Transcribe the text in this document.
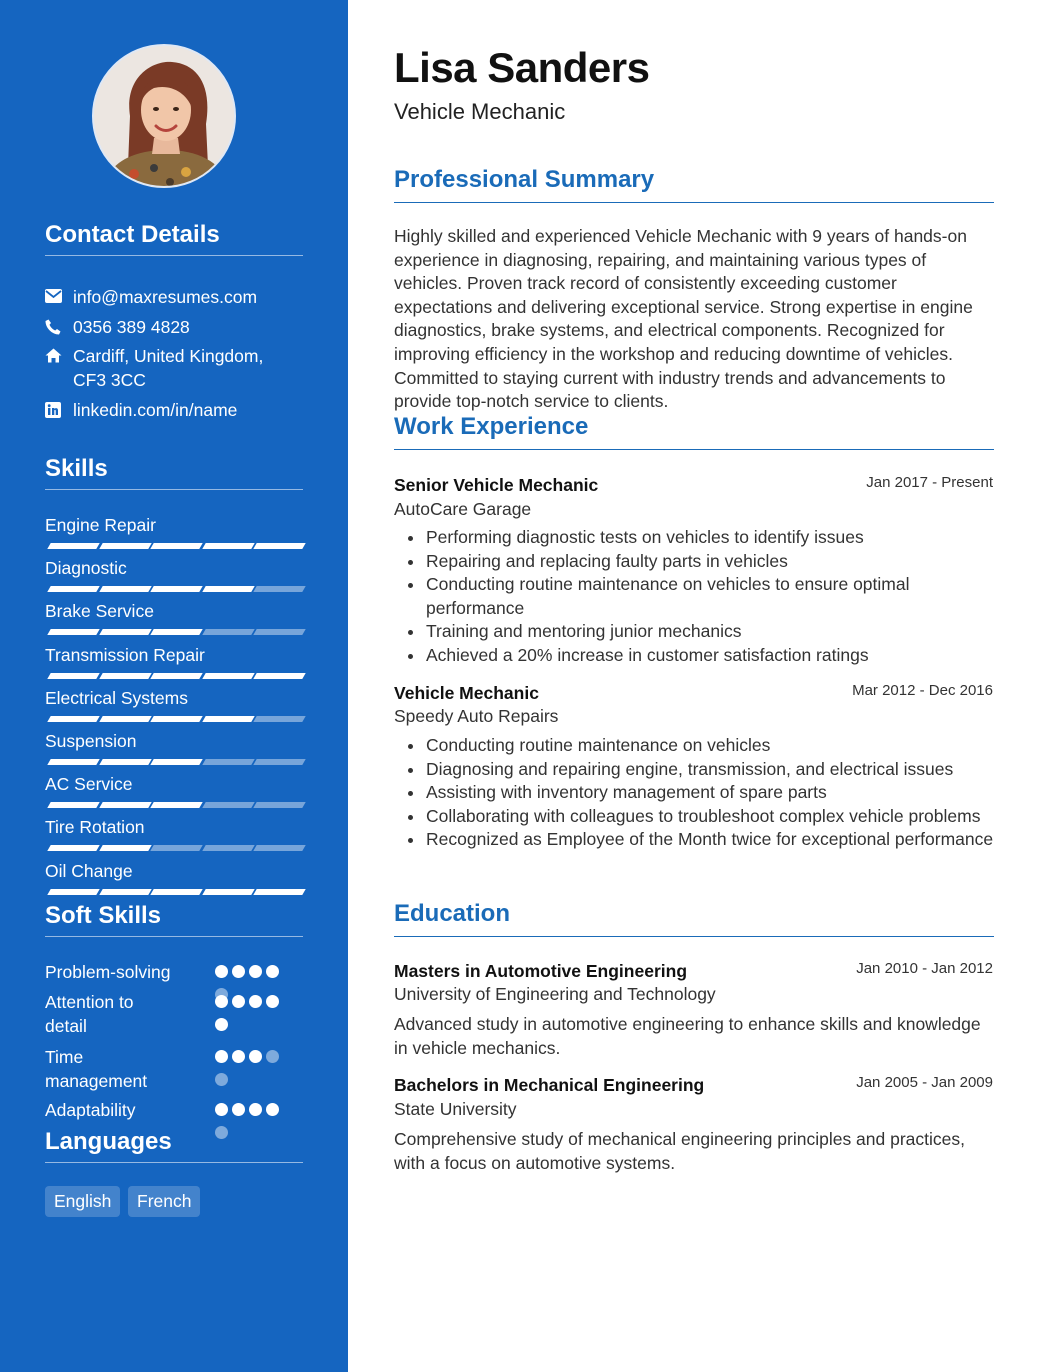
Contact Details
info@maxresumes.com
0356 389 4828
Cardiff, United Kingdom, CF3 3CC
linkedin.com/in/name
Skills
Engine Repair
Diagnostic
Brake Service
Transmission Repair
Electrical Systems
Suspension
AC Service
Tire Rotation
Oil Change
Soft Skills
Problem-solving
Attention to detail
Time management
Adaptability
Languages
English	French
Lisa Sanders
Vehicle Mechanic
Professional Summary
Highly skilled and experienced Vehicle Mechanic with 9 years of hands-on experience in diagnosing, repairing, and maintaining various types of vehicles. Proven track record of consistently exceeding customer expectations and delivering exceptional service. Strong expertise in engine diagnostics, brake systems, and electrical components. Recognized for improving efficiency in the workshop and reducing downtime of vehicles. Committed to staying current with industry trends and advancements to provide top-notch service to clients.
Work Experience
Senior Vehicle Mechanic	Jan 2017 - Present
AutoCare Garage
Performing diagnostic tests on vehicles to identify issues
Repairing and replacing faulty parts in vehicles
Conducting routine maintenance on vehicles to ensure optimal performance
Training and mentoring junior mechanics
Achieved a 20% increase in customer satisfaction ratings
Vehicle Mechanic	Mar 2012 - Dec 2016
Speedy Auto Repairs
Conducting routine maintenance on vehicles
Diagnosing and repairing engine, transmission, and electrical issues
Assisting with inventory management of spare parts
Collaborating with colleagues to troubleshoot complex vehicle problems
Recognized as Employee of the Month twice for exceptional performance
Education
Masters in Automotive Engineering	Jan 2010 - Jan 2012
University of Engineering and Technology
Advanced study in automotive engineering to enhance skills and knowledge in vehicle mechanics.
Bachelors in Mechanical Engineering	Jan 2005 - Jan 2009
State University
Comprehensive study of mechanical engineering principles and practices, with a focus on automotive systems.
